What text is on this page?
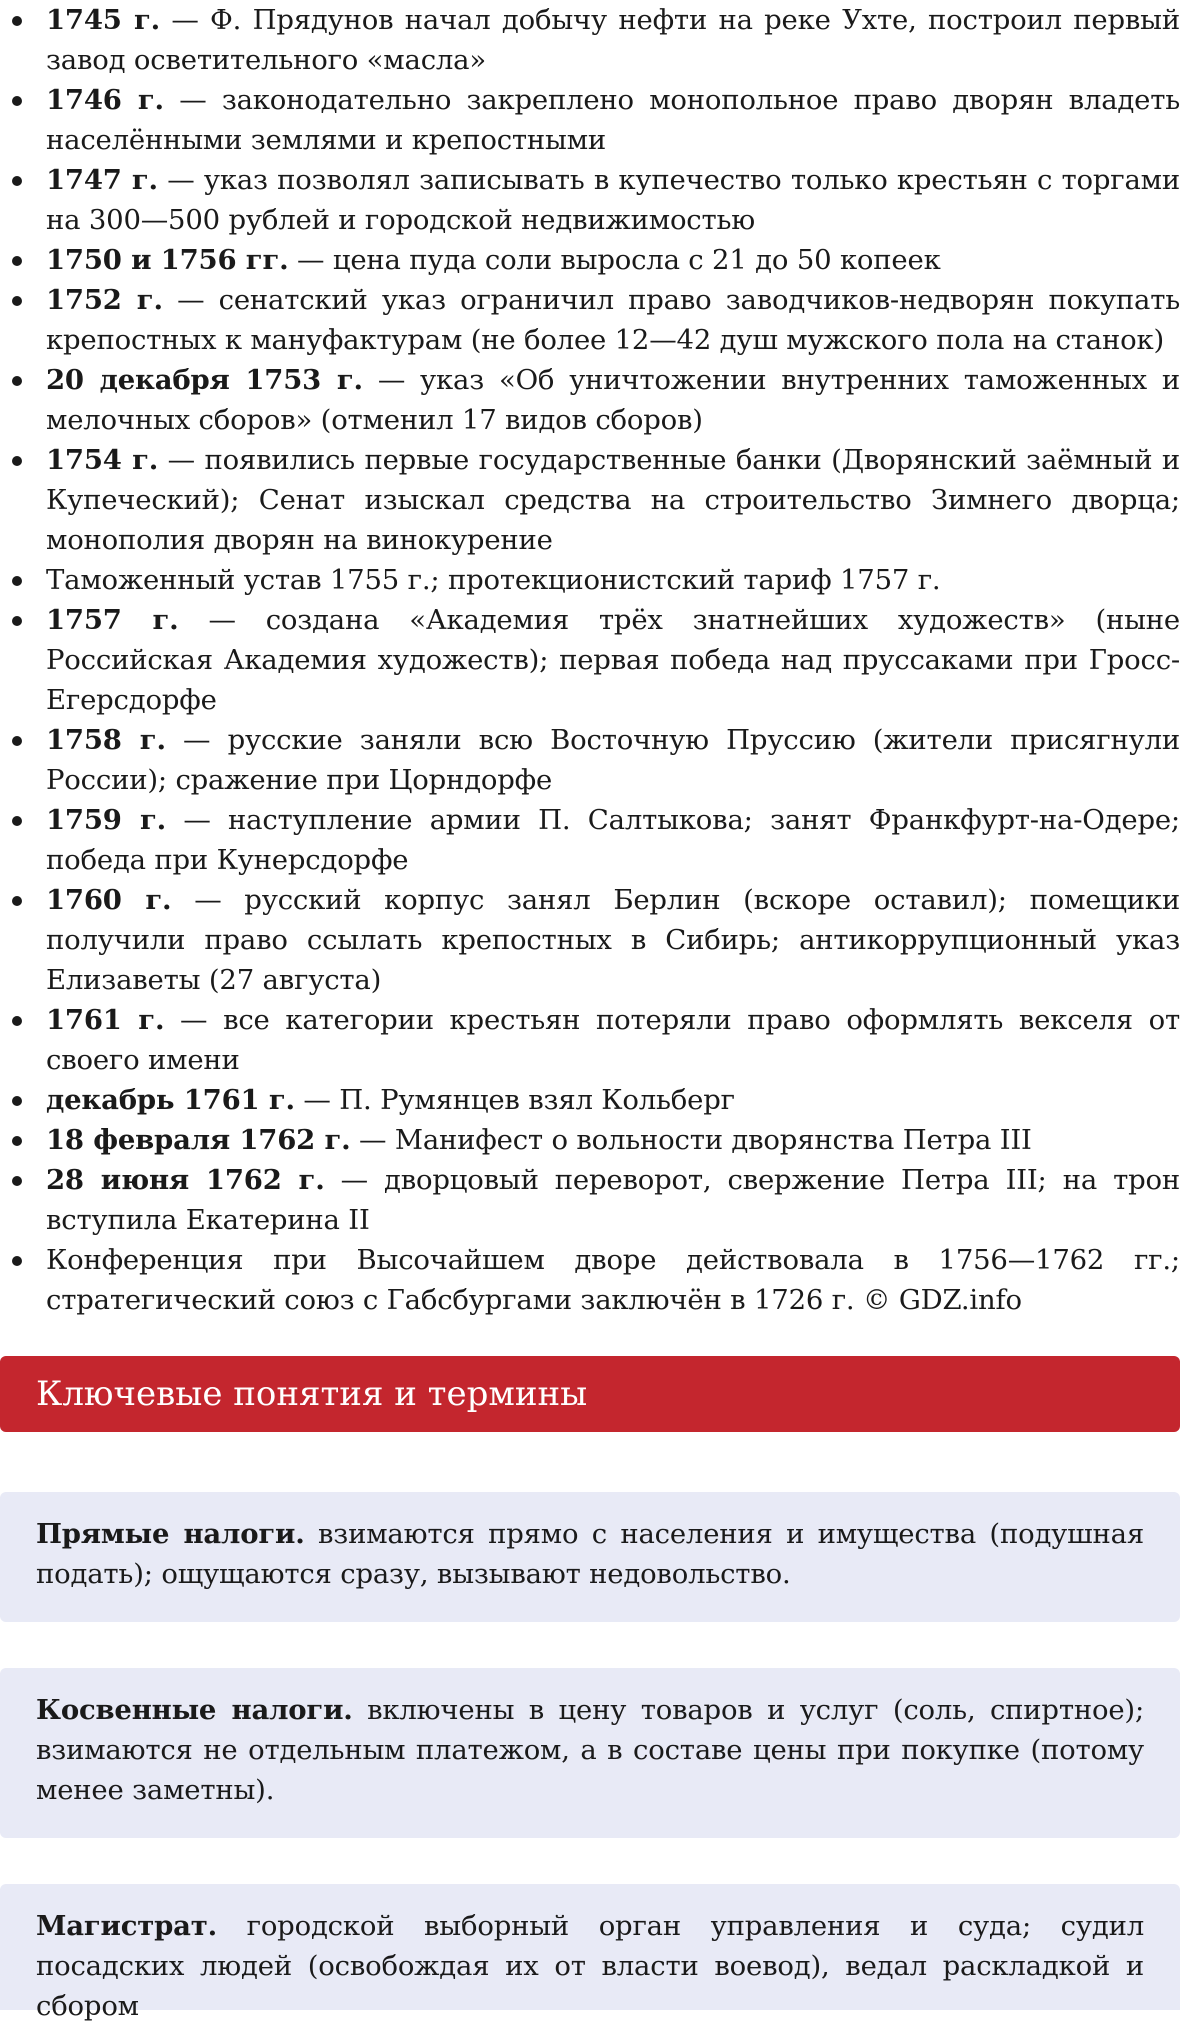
1745 г. — Ф. Прядунов начал добычу нефти на реке Ухте, построил первый завод осветительного «масла»
1746 г. — законодательно закреплено монопольное право дворян владеть населёнными землями и крепостными
1747 г. — указ позволял записывать в купечество только крестьян с торгами на 300—500 рублей и городской недвижимостью
1750 и 1756 гг. — цена пуда соли выросла с 21 до 50 копеек
1752 г. — сенатский указ ограничил право заводчиков-недворян покупать крепостных к мануфактурам (не более 12—42 душ мужского пола на станок)
20 декабря 1753 г. — указ «Об уничтожении внутренних таможенных и мелочных сборов» (отменил 17 видов сборов)
1754 г. — появились первые государственные банки (Дворянский заёмный и Купеческий); Сенат изыскал средства на строительство Зимнего дворца; монополия дворян на винокурение
Таможенный устав 1755 г.; протекционистский тариф 1757 г.
1757 г. — создана «Академия трёх знатнейших художеств» (ныне Российская Академия художеств); первая победа над пруссаками при Гросс-Егерсдорфе
1758 г. — русские заняли всю Восточную Пруссию (жители присягнули России); сражение при Цорндорфе
1759 г. — наступление армии П. Салтыкова; занят Франкфурт-на-Одере; победа при Кунерсдорфе
1760 г. — русский корпус занял Берлин (вскоре оставил); помещики получили право ссылать крепостных в Сибирь; антикоррупционный указ Елизаветы (27 августа)
1761 г. — все категории крестьян потеряли право оформлять векселя от своего имени
декабрь 1761 г. — П. Румянцев взял Кольберг
18 февраля 1762 г. — Манифест о вольности дворянства Петра III
28 июня 1762 г. — дворцовый переворот, свержение Петра III; на трон вступила Екатерина II
Конференция при Высочайшем дворе действовала в 1756—1762 гг.; стратегический союз с Габсбургами заключён в 1726 г. © GDZ.info
Ключевые понятия и термины
Прямые налоги. взимаются прямо с населения и имущества (подушная подать); ощущаются сразу, вызывают недовольство.
Косвенные налоги. включены в цену товаров и услуг (соль, спиртное); взимаются не отдельным платежом, а в составе цены при покупке (потому менее заметны).
Магистрат. городской выборный орган управления и суда; судил посадских людей (освобождая их от власти воевод), ведал раскладкой и сбором
